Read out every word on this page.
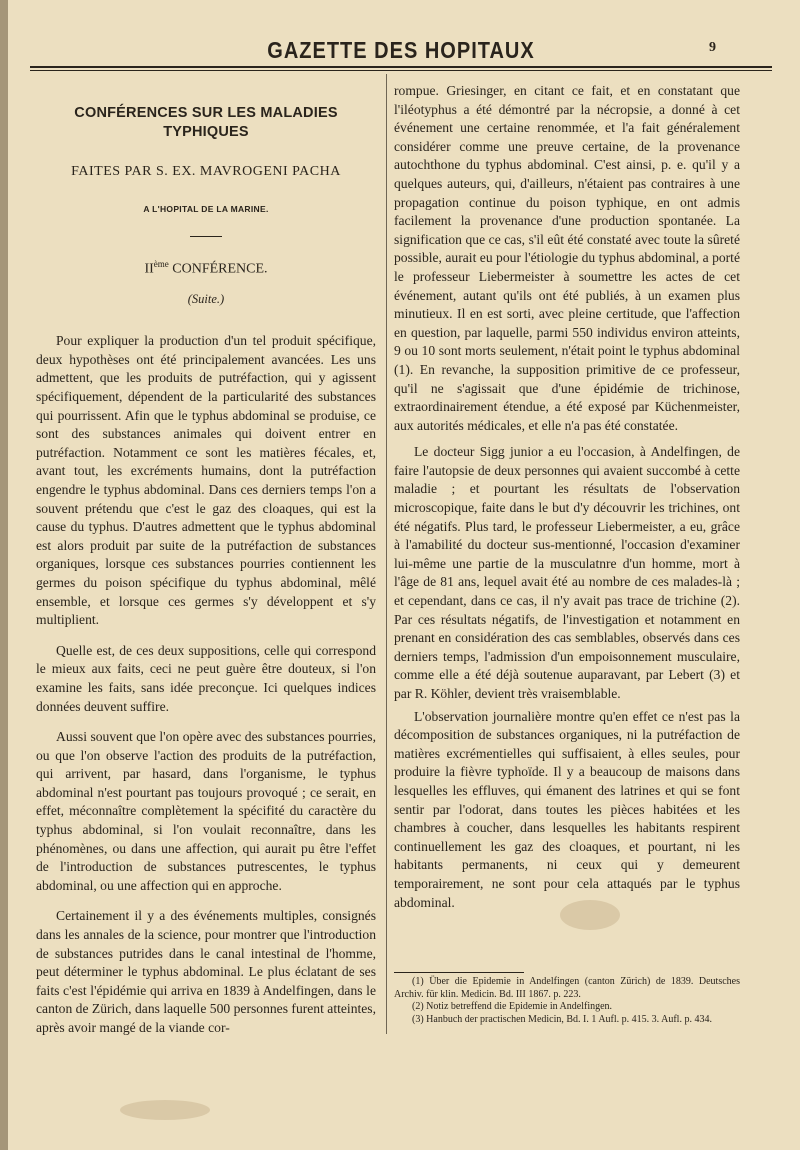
GAZETTE DES HOPITAUX	9
CONFÉRENCES SUR LES MALADIES TYPHIQUES
FAITES PAR S. EX. MAVROGENI PACHA
A L'HOPITAL DE LA MARINE.
IIème CONFÉRENCE.
(Suite.)

Pour expliquer la production d'un tel produit spécifique, deux hypothèses ont été principalement avancées. Les uns admettent, que les produits de putréfaction, qui y agissent spécifiquement, dépendent de la particularité des substances qui pourrissent. Afin que le typhus abdominal se produise, ce sont des substances animales qui doivent entrer en putréfaction. Notamment ce sont les matières fécales, et, avant tout, les excréments humains, dont la putréfaction engendre le typhus abdominal. Dans ces derniers temps l'on a souvent prétendu que c'est le gaz des cloaques, qui est la cause du typhus. D'autres admettent que le typhus abdominal est alors produit par suite de la putréfaction de substances organiques, lorsque ces substances pourries contiennent les germes du poison spécifique du typhus abdominal, mêlé ensemble, et lorsque ces germes s'y développent et s'y multiplient.

Quelle est, de ces deux suppositions, celle qui correspond le mieux aux faits, ceci ne peut guère être douteux, si l'on examine les faits, sans idée preconçue. Ici quelques indices données deuvent suffire.

Aussi souvent que l'on opère avec des substances pourries, ou que l'on observe l'action des produits de la putréfaction, qui arrivent, par hasard, dans l'organisme, le typhus abdominal n'est pourtant pas toujours provoqué ; ce serait, en effet, méconnaître complètement la spécifité du caractère du typhus abdominal, si l'on voulait reconnaître, dans les phénomènes, ou dans une affection, qui aurait pu être l'effet de l'introduction de substances putrescentes, le typhus abdominal, ou une affection qui en approche.

Certainement il y a des événements multiples, consignés dans les annales de la science, pour montrer que l'introduction de substances putrides dans le canal intestinal de l'homme, peut déterminer le typhus abdominal. Le plus éclatant de ses faits c'est l'épidémie qui arriva en 1839 à Andelfingen, dans le canton de Zürich, dans laquelle 500 personnes furent atteintes, après avoir mangé de la viande cor-

rompue. Griesinger, en citant ce fait, et en constatant que l'iléotyphus a été démontré par la nécropsie, a donné à cet événement une certaine renommée, et l'a fait généralement considérer comme une preuve certaine, de la provenance autochthone du typhus abdominal. C'est ainsi, p. e. qu'il y a quelques auteurs, qui, d'ailleurs, n'étaient pas contraires à une propagation continue du poison typhique, en ont admis facilement la provenance d'une production spontanée. La signification que ce cas, s'il eût été constaté avec toute la sûreté possible, aurait eu pour l'étiologie du typhus abdominal, a porté le professeur Liebermeister à soumettre les actes de cet événement, autant qu'ils ont été publiés, à un examen plus minutieux. Il en est sorti, avec pleine certitude, que l'affection en question, par laquelle, parmi 550 individus environ atteints, 9 ou 10 sont morts seulement, n'était point le typhus abdominal (1). En revanche, la supposition primitive de ce professeur, qu'il ne s'agissait que d'une épidémie de trichinose, extraordinairement étendue, a été exposé par Küchenmeister, aux autorités médicales, et elle n'a pas été constatée.

Le docteur Sigg junior a eu l'occasion, à Andelfingen, de faire l'autopsie de deux personnes qui avaient succombé à cette maladie ; et pourtant les résultats de l'observation microscopique, faite dans le but d'y découvrir les trichines, ont été négatifs. Plus tard, le professeur Liebermeister, a eu, grâce à l'amabilité du docteur sus-mentionné, l'occasion d'examiner lui-même une partie de la musculatnre d'un homme, mort à l'âge de 81 ans, lequel avait été au nombre de ces malades-là ; et cependant, dans ce cas, il n'y avait pas trace de trichine (2). Par ces résultats négatifs, de l'investigation et notamment en prenant en considération des cas semblables, observés dans ces derniers temps, l'admission d'un empoisonnement musculaire, comme elle a été déjà soutenue auparavant, par Lebert (3) et par R. Köhler, devient très vraisemblable.

L'observation journalière montre qu'en effet ce n'est pas la décomposition de substances organiques, ni la putréfaction de matières excrémentielles qui suffisaient, à elles seules, pour produire la fièvre typhoïde. Il y a beaucoup de maisons dans lesquelles les effluves, qui émanent des latrines et qui se font sentir par l'odorat, dans toutes les pièces habitées et les chambres à coucher, dans lesquelles les habitants respirent continuellement les gaz des cloaques, et pourtant, ni les habitants permanents, ni ceux qui y demeurent temporairement, ne sont pour cela attaqués par le typhus abdominal.

(1) Über die Epidemie in Andelfingen (canton Zürich) de 1839. Deutsches Archiv. für klin. Medicin. Bd. III 1867. p. 223.
(2) Notiz betreffend die Epidemie in Andelfingen.
(3) Hanbuch der practischen Medicin, Bd. I. 1 Aufl. p. 415. 3. Aufl. p. 434.
